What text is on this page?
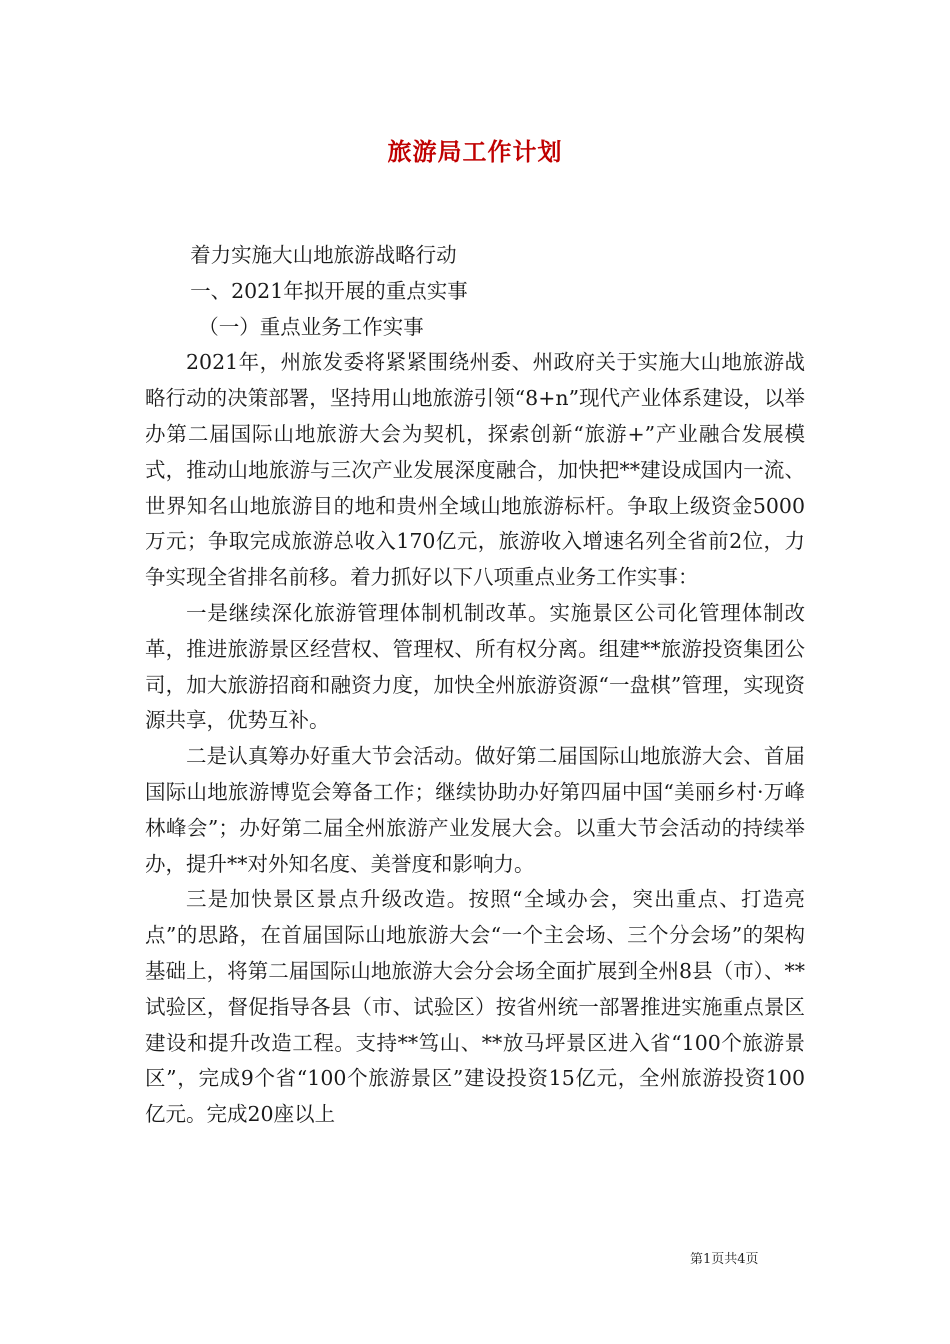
旅游局工作计划

着力实施大山地旅游战略行动

一、2021年拟开展的重点实事

（一）重点业务工作实事

2021年，州旅发委将紧紧围绕州委、州政府关于实施大山地旅游战略行动的决策部署，坚持用山地旅游引领“8+n”现代产业体系建设，以举办第二届国际山地旅游大会为契机，探索创新“旅游+”产业融合发展模式，推动山地旅游与三次产业发展深度融合，加快把**建设成国内一流、世界知名山地旅游目的地和贵州全域山地旅游标杆。争取上级资金5000万元；争取完成旅游总收入170亿元，旅游收入增速名列全省前2位，力争实现全省排名前移。着力抓好以下八项重点业务工作实事：

一是继续深化旅游管理体制机制改革。实施景区公司化管理体制改革，推进旅游景区经营权、管理权、所有权分离。组建**旅游投资集团公司，加大旅游招商和融资力度，加快全州旅游资源“一盘棋”管理，实现资源共享，优势互补。

二是认真筹办好重大节会活动。做好第二届国际山地旅游大会、首届国际山地旅游博览会筹备工作；继续协助办好第四届中国“美丽乡村·万峰林峰会”；办好第二届全州旅游产业发展大会。以重大节会活动的持续举办，提升**对外知名度、美誉度和影响力。

三是加快景区景点升级改造。按照“全域办会，突出重点、打造亮点”的思路，在首届国际山地旅游大会“一个主会场、三个分会场”的架构基础上，将第二届国际山地旅游大会分会场全面扩展到全州8县（市）、**试验区，督促指导各县（市、试验区）按省州统一部署推进实施重点景区建设和提升改造工程。支持**笃山、**放马坪景区进入省“100个旅游景区”，完成9个省“100个旅游景区”建设投资15亿元，全州旅游投资100亿元。完成20座以上

第1页共4页
